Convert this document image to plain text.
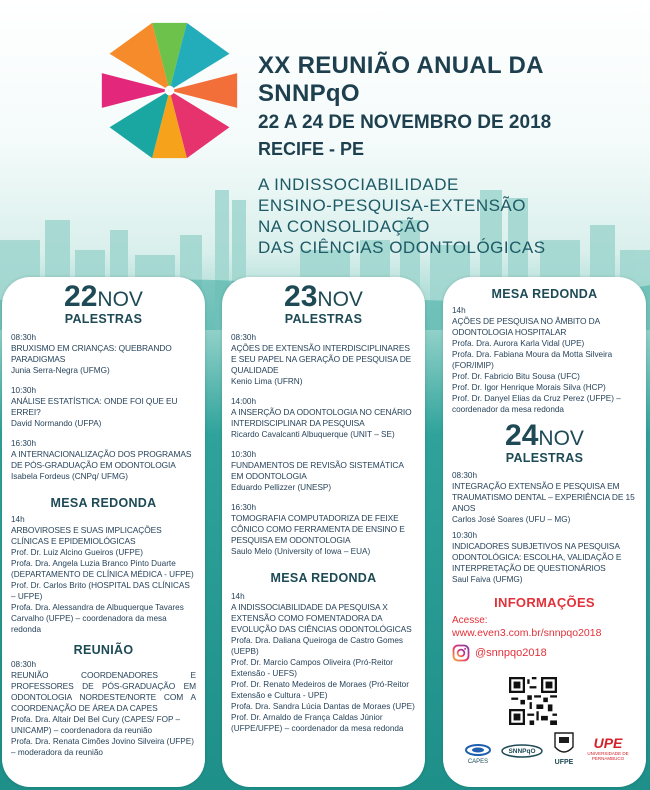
XX REUNIÃO ANUAL DA SNNPqO
22 A 24 DE NOVEMBRO DE 2018
RECIFE - PE
A INDISSOCIABILIDADE
ENSINO-PESQUISA-EXTENSÃO
NA CONSOLIDAÇÃO
DAS CIÊNCIAS ODONTOLÓGICAS
22NOV
PALESTRAS
08:30h
BRUXISMO EM CRIANÇAS: QUEBRANDO PARADIGMAS
Junia Serra-Negra (UFMG)
10:30h
ANÁLISE ESTATÍSTICA: ONDE FOI QUE EU ERREI?
David Normando (UFPA)
16:30h
A INTERNACIONALIZAÇÃO DOS PROGRAMAS DE PÓS-GRADUAÇÃO EM ODONTOLOGIA
Isabela Fordeus (CNPq/ UFMG)
MESA REDONDA
14h
ARBOVIROSES E SUAS IMPLICAÇÕES CLÍNICAS E EPIDEMIOLÓGICAS
Prof. Dr. Luiz Alcino Gueiros (UFPE)
Profa. Dra. Angela Luzia Branco Pinto Duarte (DEPARTAMENTO DE CLÍNICA MÉDICA - UFPE)
Prof. Dr. Carlos Brito (HOSPITAL DAS CLÍNICAS – UFPE)
Profa. Dra. Alessandra de Albuquerque Tavares Carvalho (UFPE) – coordenadora da mesa redonda
REUNIÃO
08:30h
REUNIÃO COORDENADORES E PROFESSORES DE PÓS-GRADUAÇÃO EM ODONTOLOGIA NORDESTE/NORTE COM A COORDENAÇÃO DE ÁREA DA CAPES
Profa. Dra. Altair Del Bel Cury (CAPES/ FOP – UNICAMP) – coordenadora da reunião
Profa. Dra. Renata Cimões Jovino Silveira (UFPE) – moderadora da reunião
23NOV
PALESTRAS
08:30h
AÇÕES DE EXTENSÃO INTERDISCIPLINARES E SEU PAPEL NA GERAÇÃO DE PESQUISA DE QUALIDADE
Kenio Lima (UFRN)
14:00h
A INSERÇÃO DA ODONTOLOGIA NO CENÁRIO INTERDISCIPLINAR DA PESQUISA
Ricardo Cavalcanti Albuquerque (UNIT – SE)
10:30h
FUNDAMENTOS DE REVISÃO SISTEMÁTICA EM ODONTOLOGIA
Eduardo Pellizzer (UNESP)
16:30h
TOMOGRAFIA COMPUTADORIZA DE FEIXE CÔNICO COMO FERRAMENTA DE ENSINO E PESQUISA EM ODONTOLOGIA
Saulo Melo (University of Iowa – EUA)
MESA REDONDA
14h
A INDISSOCIABILIDADE DA PESQUISA X EXTENSÃO COMO FOMENTADORA DA EVOLUÇÃO DAS CIÊNCIAS ODONTOLÓGICAS
Profa. Dra. Daliana Queiroga de Castro Gomes (UEPB)
Prof. Dr. Marcio Campos Oliveira (Pró-Reitor Extensão - UEFS)
Prof. Dr. Renato Medeiros de Moraes (Pró-Reitor Extensão e Cultura - UPE)
Profa. Dra. Sandra Lúcia Dantas de Moraes (UPE)
Prof. Dr. Arnaldo de França Caldas Júnior (UFPE/UFPE) – coordenador da mesa redonda
MESA REDONDA
14h
AÇÕES DE PESQUISA NO ÂMBITO DA ODONTOLOGIA HOSPITALAR
Profa. Dra. Aurora Karla Vidal (UPE)
Profa. Dra. Fabiana Moura da Motta Silveira (FOR/IMIP)
Prof. Dr. Fabricio Bitu Sousa (UFC)
Prof. Dr. Igor Henrique Morais Silva (HCP)
Prof. Dr. Danyel Elias da Cruz Perez (UFPE) – coordenador da mesa redonda
24NOV
PALESTRAS
08:30h
INTEGRAÇÃO EXTENSÃO E PESQUISA EM TRAUMATISMO DENTAL – EXPERIÊNCIA DE 15 ANOS
Carlos José Soares (UFU – MG)
10:30h
INDICADORES SUBJETIVOS NA PESQUISA ODONTOLÓGICA: ESCOLHA, VALIDAÇÃO E INTERPRETAÇÃO DE QUESTIONÁRIOS
Saul Faiva (UFMG)
INFORMAÇÕES
Acesse:
www.even3.com.br/snnpqo2018
@snnpqo2018
CAPES
SNNPqO
UFPE
UPE
UNIVERSIDADE DE PERNAMBUCO
